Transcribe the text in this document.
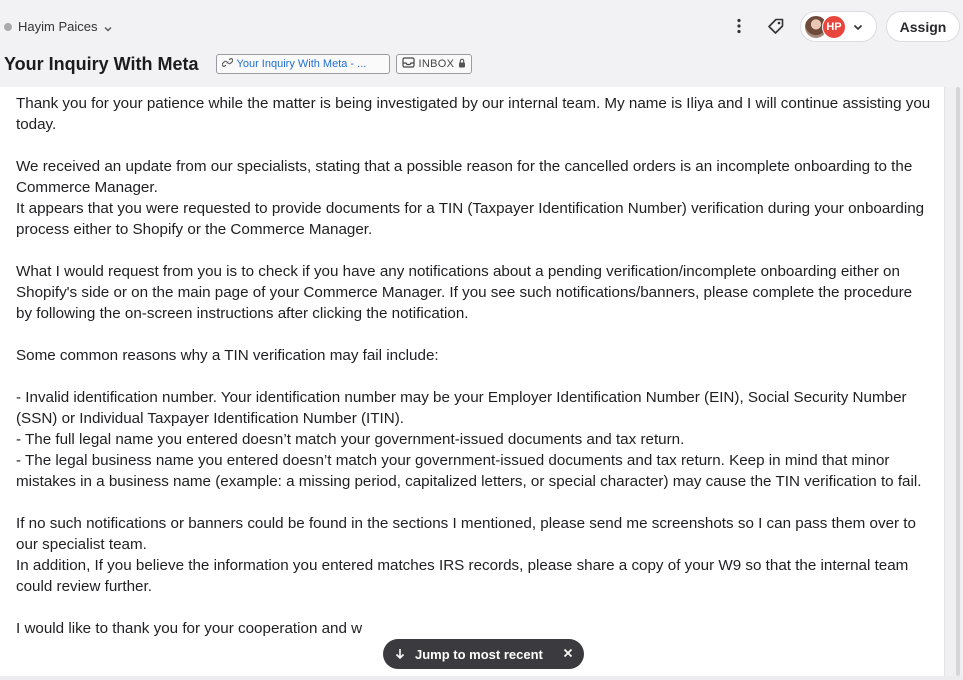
Hayim Paices	HP	Assign
Your Inquiry With Meta	Your Inquiry With Meta - ...	INBOX

Thank you for your patience while the matter is being investigated by our internal team. My name is Iliya and I will continue assisting you today.

We received an update from our specialists, stating that a possible reason for the cancelled orders is an incomplete onboarding to the Commerce Manager.

It appears that you were requested to provide documents for a TIN (Taxpayer Identification Number) verification during your onboarding process either to Shopify or the Commerce Manager.

What I would request from you is to check if you have any notifications about a pending verification/incomplete onboarding either on Shopify's side or on the main page of your Commerce Manager. If you see such notifications/banners, please complete the procedure by following the on-screen instructions after clicking the notification.

Some common reasons why a TIN verification may fail include:

- Invalid identification number. Your identification number may be your Employer Identification Number (EIN), Social Security Number (SSN) or Individual Taxpayer Identification Number (ITIN).

- The full legal name you entered doesn’t match your government-issued documents and tax return.

- The legal business name you entered doesn’t match your government-issued documents and tax return. Keep in mind that minor mistakes in a business name (example: a missing period, capitalized letters, or special character) may cause the TIN verification to fail.

If no such notifications or banners could be found in the sections I mentioned, please send me screenshots so I can pass them over to our specialist team.

In addition, If you believe the information you entered matches IRS records, please share a copy of your W9 so that the internal team could review further.

I would like to thank you for your cooperation and w

Jump to most recent
